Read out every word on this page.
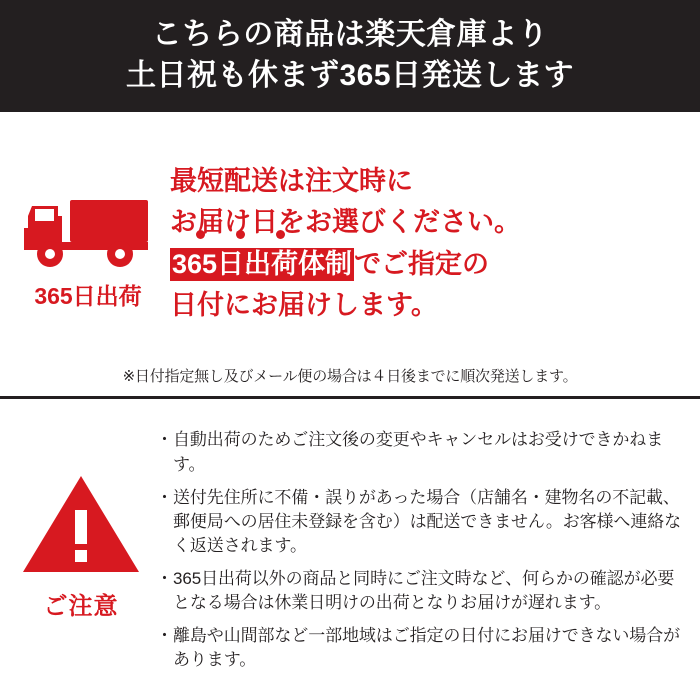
こちらの商品は楽天倉庫より
土日祝も休まず365日発送します
365日出荷
最短配送は注文時に
お届け日をお選びください。
365日出荷体制でご指定の
日付にお届けします。
※日付指定無し及びメール便の場合は４日後までに順次発送します。
ご注意
・ 自動出荷のためご注文後の変更やキャンセルはお受けできかねます。
・ 送付先住所に不備・誤りがあった場合（店舗名・建物名の不記載、郵便局への居住未登録を含む）は配送できません。お客様へ連絡なく返送されます。
・ 365日出荷以外の商品と同時にご注文時など、何らかの確認が必要となる場合は休業日明けの出荷となりお届けが遅れます。
・ 離島や山間部など一部地域はご指定の日付にお届けできない場合があります。
